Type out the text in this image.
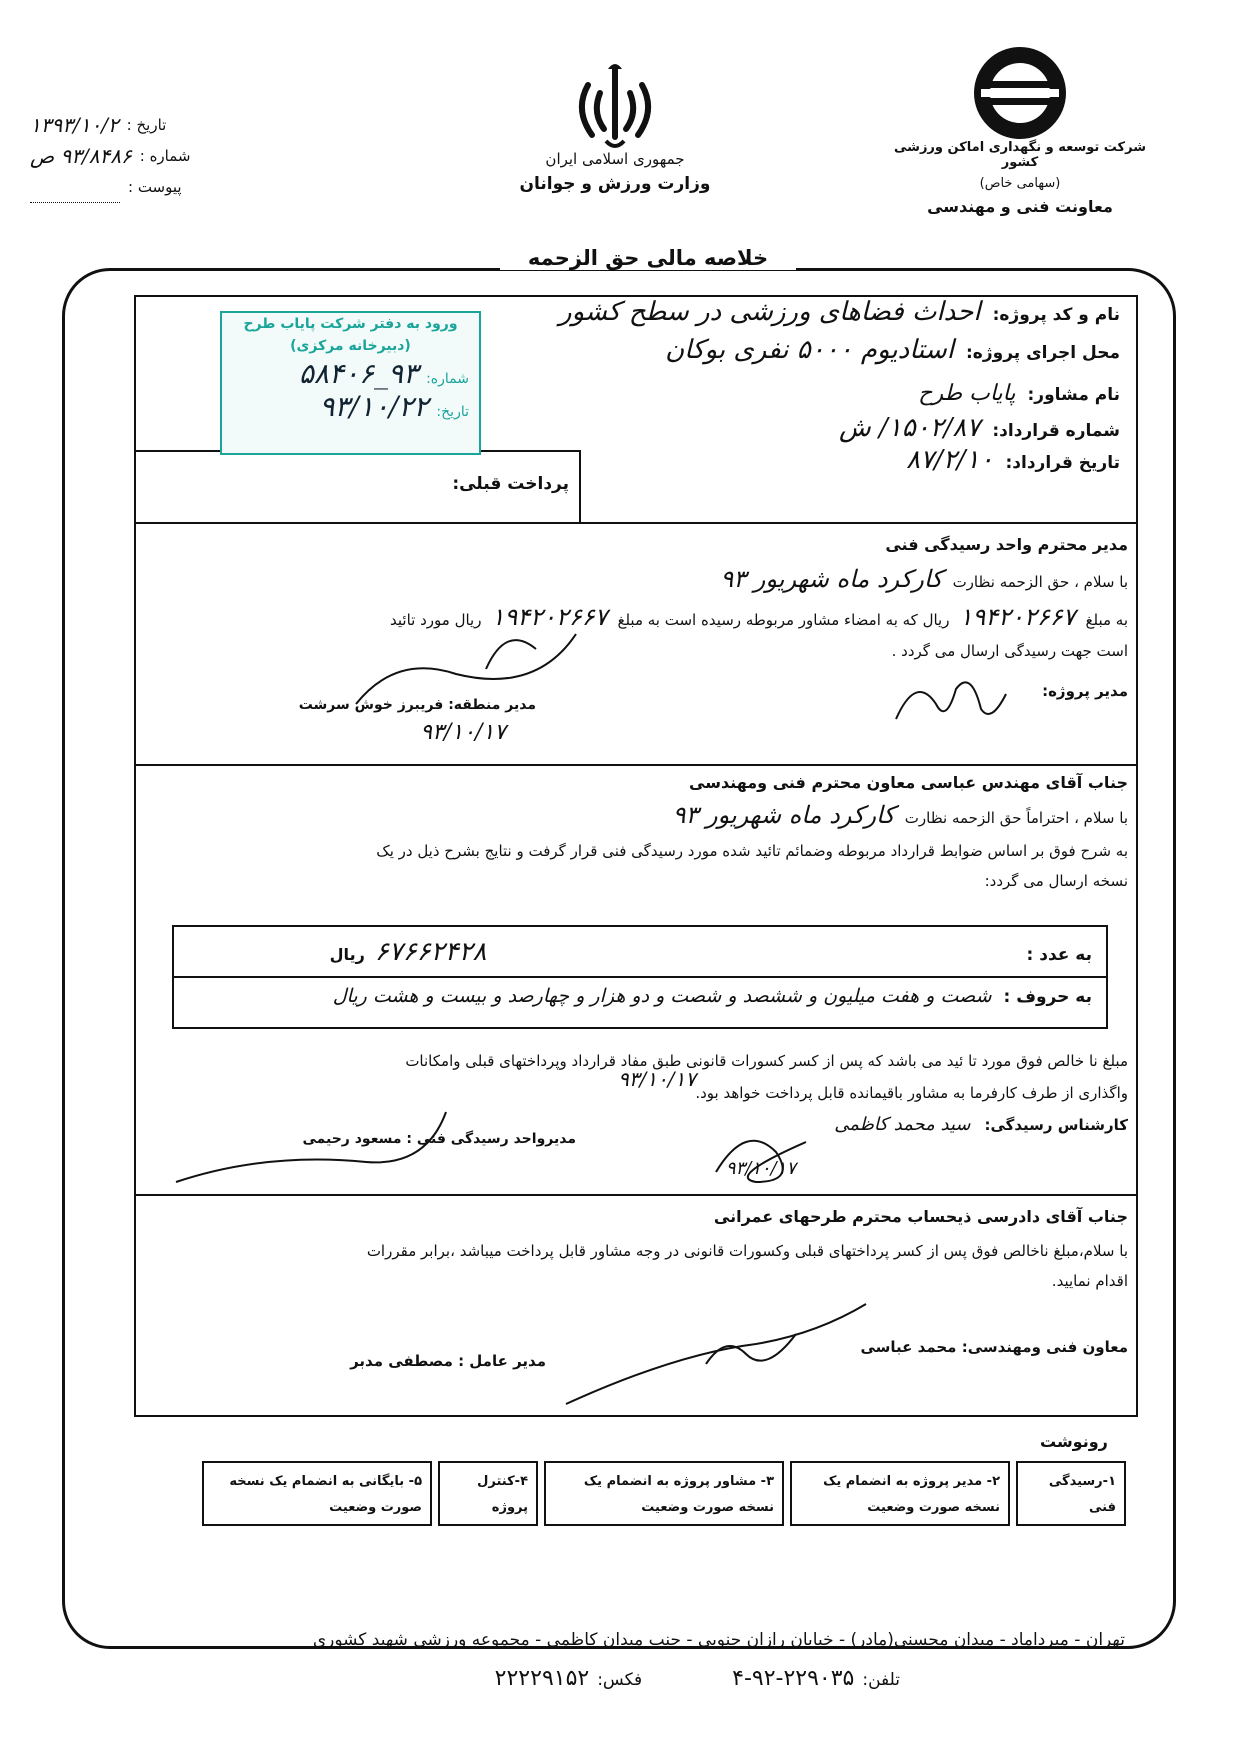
تاریخ :
۱۳۹۳/۱۰/۲
شماره :
۹۳/۸۴۸۶ ص
پیوست :
جمهوری اسلامی ایران
وزارت ورزش و جوانان
شرکت توسعه و نگهداری اماکن ورزشی کشور
(سهامی خاص)
معاونت فنی و مهندسی
خلاصه مالی حق الزحمه
نام و کد پروژه:
احداث فضاهای ورزشی در سطح کشور
محل اجرای پروژه:
استادیوم ۵۰۰۰ نفری بوکان
نام مشاور:
پایاب طرح
شماره قرارداد:
۱۵۰۲/۸۷/ ش
تاریخ قرارداد:
۸۷/۲/۱۰
پرداخت قبلی:
ورود به دفتر شرکت پایاب طرح
(دبیرخانه مرکزی)
شماره:
۹۳_۵۸۴۰۶
تاریخ:
۹۳/۱۰/۲۲
مدیر محترم واحد رسیدگی فنی
با سلام ، حق الزحمه نظارت
کارکرد ماه شهریور ۹۳
به مبلغ
۱۹۴۲۰۲۶۶۷
ریال که به امضاء مشاور مربوطه رسیده است به مبلغ
۱۹۴۲۰۲۶۶۷
ریال مورد تائید
است جهت رسیدگی ارسال می گردد .
مدیر پروژه:
مدیر منطقه: فریبرز خوش سرشت
۹۳/۱۰/۱۷
جناب آقای مهندس عباسی معاون محترم فنی ومهندسی
با سلام ، احتراماً حق الزحمه نظارت
کارکرد ماه شهریور ۹۳
به شرح فوق بر اساس ضوابط قرارداد مربوطه وضمائم تائید شده مورد رسیدگی فنی قرار گرفت و نتایج بشرح ذیل در یک
نسخه ارسال می گردد:
مبلغ نا خالص فوق مورد تا ئید می باشد که پس از کسر کسورات قانونی طبق مفاد قرارداد وپرداختهای قبلی وامکانات
واگذاری از طرف کارفرما به مشاور باقیمانده قابل پرداخت خواهد بود.
کارشناس رسیدگی:
سید محمد کاظمی
مدیرواحد رسیدگی فنی : مسعود رحیمی
۹۳/۱۰/۱۷
۹۳/۱۰/۱۷
به عدد :
۶۷۶۶۲۴۲۸
ریال
به حروف :
شصت و هفت میلیون و ششصد و شصت و دو هزار و چهارصد و بیست و هشت ریال
جناب آقای دادرسی ذیحساب محترم طرحهای عمرانی
با سلام،مبلغ ناخالص فوق پس از کسر پرداختهای قبلی وکسورات قانونی در وجه مشاور قابل پرداخت میباشد ،برابر مقررات
اقدام نمایید.
معاون فنی ومهندسی: محمد عباسی
مدیر عامل : مصطفی مدبر
رونوشت
۱-رسیدگی فنی
۲- مدیر پروژه به انضمام یک نسخه صورت وضعیت
۳- مشاور پروژه به انضمام یک نسخه صورت وضعیت
۴-کنترل پروژه
۵- بایگانی به انضمام یک نسخه صورت وضعیت
تهران - میرداماد - میدان محسنی(مادر) - خیابان رازان جنوبی - جنب میدان کاظمی - مجموعه ورزشی شهید کشوری
تلفن:
۴-۹۲-۲۲۹۰۳۵
فکس:
۲۲۲۲۹۱۵۲
